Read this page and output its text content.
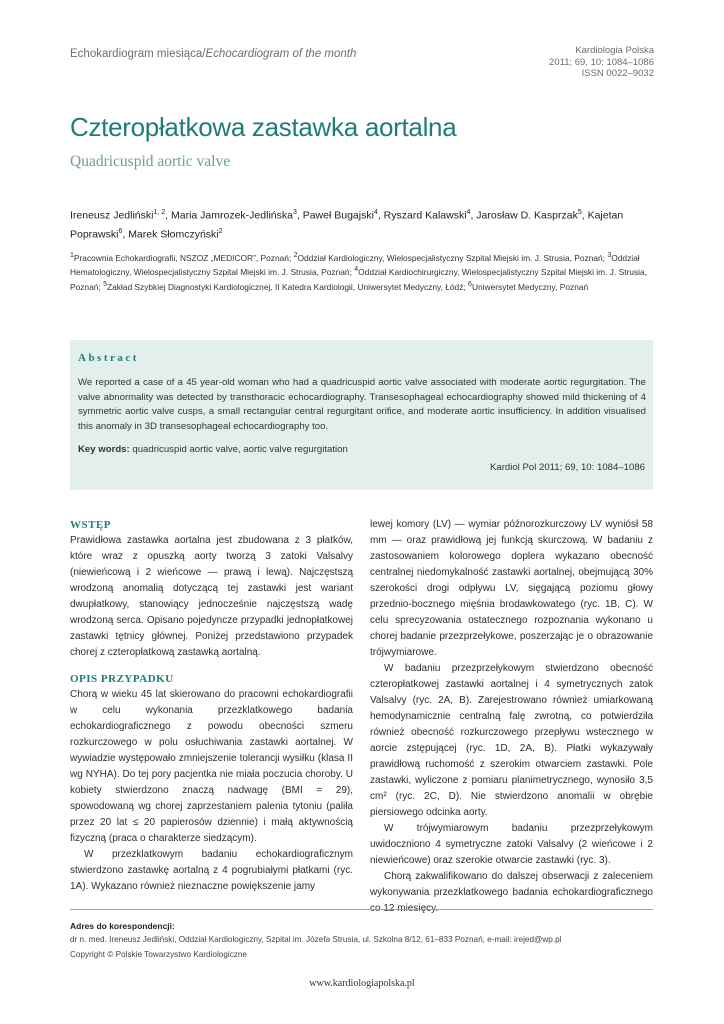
Echokardiogram miesiąca/Echocardiogram of the month	Kardiologia Polska
2011; 69, 10: 1084–1086
ISSN 0022–9032
Czteropłatkowa zastawka aortalna
Quadricuspid aortic valve
Ireneusz Jedliński$^{1, 2}$, Maria Jamrozek-Jedlińska$^3$, Paweł Bugajski$^4$, Ryszard Kalawski$^4$, Jarosław D. Kasprzak$^5$, Kajetan Poprawski$^6$, Marek Słomczyński$^2$
$^1$Pracownia Echokardiografii, NSZOZ „MEDICOR”, Poznań; $^2$Oddział Kardiologiczny, Wielospecjalistyczny Szpital Miejski im. J. Strusia, Poznań; $^3$Oddział Hematologiczny, Wielospecjalistyczny Szpital Miejski im. J. Strusia, Poznań; $^4$Oddział Kardiochirurgiczny, Wielospecjalistyczny Szpital Miejski im. J. Strusia, Poznań; $^5$Zakład Szybkiej Diagnostyki Kardiologicznej, II Katedra Kardiologii, Uniwersytet Medyczny, Łódź; $^6$Uniwersytet Medyczny, Poznań
Abstract
We reported a case of a 45 year-old woman who had a quadricuspid aortic valve associated with moderate aortic regurgitation. The valve abnormality was detected by transthoracic echocardiography. Transesophageal echocardiography showed mild thickening of 4 symmetric aortic valve cusps, a small rectangular central regurgitant orifice, and moderate aortic insufficiency. In addition visualised this anomaly in 3D transesophageal echocardiography too.
Key words: quadricuspid aortic valve, aortic valve regurgitation
Kardiol Pol 2011; 69, 10: 1084–1086
WSTĘP

Prawidłowa zastawka aortalna jest zbudowana z 3 płatków, które wraz z opuszką aorty tworzą 3 zatoki Valsalvy (niewieńcową i 2 wieńcowe — prawą i lewą). Najczęstszą wrodzoną anomalią dotyczącą tej zastawki jest wariant dwupłatkowy, stanowiący jednocześnie najczęstszą wadę wrodzoną serca. Opisano pojedyncze przypadki jednopłatkowej zastawki tętnicy głównej. Poniżej przedstawiono przypadek chorej z czteropłatkową zastawką aortalną.

OPIS PRZYPADKU

Chorą w wieku 45 lat skierowano do pracowni echokardiografii w celu wykonania przezklatkowego badania echokardiograficznego z powodu obecności szmeru rozkurczowego w polu osłuchiwania zastawki aortalnej. W wywiadzie występowało zmniejszenie tolerancji wysiłku (klasa II wg NYHA). Do tej pory pacjentka nie miała poczucia choroby. U kobiety stwierdzono znaczą nadwagę (BMI = 29), spowodowaną wg chorej zaprzestaniem palenia tytoniu (paliła przez 20 lat ≤ 20 papierosów dziennie) i małą aktywnością fizyczną (praca o charakterze siedzącym).

W przezklatkowym badaniu echokardiograficznym stwierdzono zastawkę aortalną z 4 pogrubiałymi płatkami (ryc. 1A). Wykazano również nieznaczne powiększenie jamy

lewej komory (LV) — wymiar późnorozkurczowy LV wyniósł 58 mm — oraz prawidłową jej funkcją skurczową. W badaniu z zastosowaniem kolorowego doplera wykazano obecność centralnej niedomykalność zastawki aortalnej, obejmującą 30% szerokości drogi odpływu LV, sięgającą poziomu głowy przednio-bocznego mięśnia brodawkowatego (ryc. 1B, C). W celu sprecyzowania ostatecznego rozpoznania wykonano u chorej badanie przezprzełykowe, poszerzając je o obrazowanie trójwymiarowe.

W badaniu przezprzełykowym stwierdzono obecność czteropłatkowej zastawki aortalnej i 4 symetrycznych zatok Valsalvy (ryc. 2A, B). Zarejestrowano również umiarkowaną hemodynamicznie centralną falę zwrotną, co potwierdziła również obecność rozkurczowego przepływu wstecznego w aorcie zstępującej (ryc. 1D, 2A, B). Płatki wykazywały prawidłową ruchomość z szerokim otwarciem zastawki. Pole zastawki, wyliczone z pomiaru planimetrycznego, wynosiło 3,5 cm² (ryc. 2C, D). Nie stwierdzono anomalii w obrębie piersiowego odcinka aorty.

W trójwymiarowym badaniu przezprzełykowym uwidoczniono 4 symetryczne zatoki Valsalvy (2 wieńcowe i 2 niewieńcowe) oraz szerokie otwarcie zastawki (ryc. 3).

Chorą zakwalifikowano do dalszej obserwacji z zaleceniem wykonywania przezklatkowego badania echokardiograficznego

Adres do korespondencji:
dr n. med. Ireneusz Jedliński, Oddział Kardiologiczny, Szpital im. Józefa Strusia, ul. Szkolna 8/12, 61–833 Poznań, e-mail: irejed@wp.pl
Copyright © Polskie Towarzystwo Kardiologiczne
www.kardiologiapolska.pl
